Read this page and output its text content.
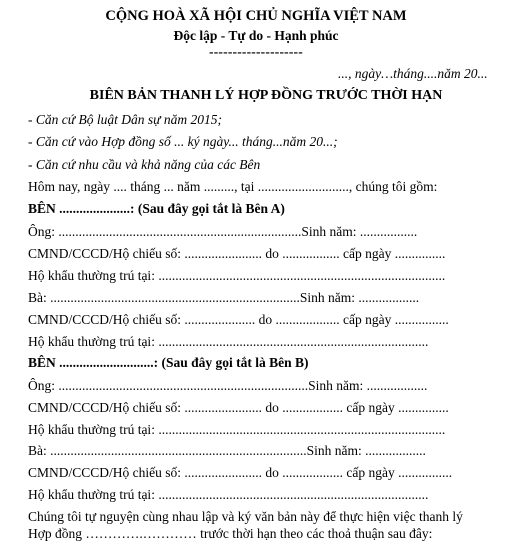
CỘNG HOÀ XÃ HỘI CHỦ NGHĨA VIỆT NAM
Độc lập - Tự do - Hạnh phúc
--------------------
..., ngày…tháng....năm 20...
BIÊN BẢN THANH LÝ HỢP ĐỒNG TRƯỚC THỜI HẠN
- Căn cứ Bộ luật Dân sự năm 2015;
- Căn cứ vào Hợp đồng số ... ký ngày... tháng...năm 20...;
- Căn cứ nhu cầu và khả năng của các Bên
Hôm nay, ngày .... tháng ... năm ........., tại ..........................., chúng tôi gồm:
BÊN .....................: (Sau đây gọi tắt là Bên A)
Ông: ........................................................................Sinh năm: .................
CMND/CCCD/Hộ chiếu số: ....................... do ................. cấp ngày ...............
Hộ khẩu thường trú tại: .....................................................................................
Bà: ..........................................................................Sinh năm: ..................
CMND/CCCD/Hộ chiếu số: ..................... do ................... cấp ngày ................
Hộ khẩu thường trú tại: ................................................................................
BÊN ............................: (Sau đây gọi tắt là Bên B)
Ông: ..........................................................................Sinh năm: ..................
CMND/CCCD/Hộ chiếu số: ....................... do .................. cấp ngày ...............
Hộ khẩu thường trú tại: .....................................................................................
Bà: ............................................................................Sinh năm: ..................
CMND/CCCD/Hộ chiếu số: ....................... do .................. cấp ngày ................
Hộ khẩu thường trú tại: ................................................................................
Chúng tôi tự nguyện cùng nhau lập và ký văn bản này để thực hiện việc thanh lý
Hợp đồng ………….………… trước thời hạn theo các thoả thuận sau đây:
